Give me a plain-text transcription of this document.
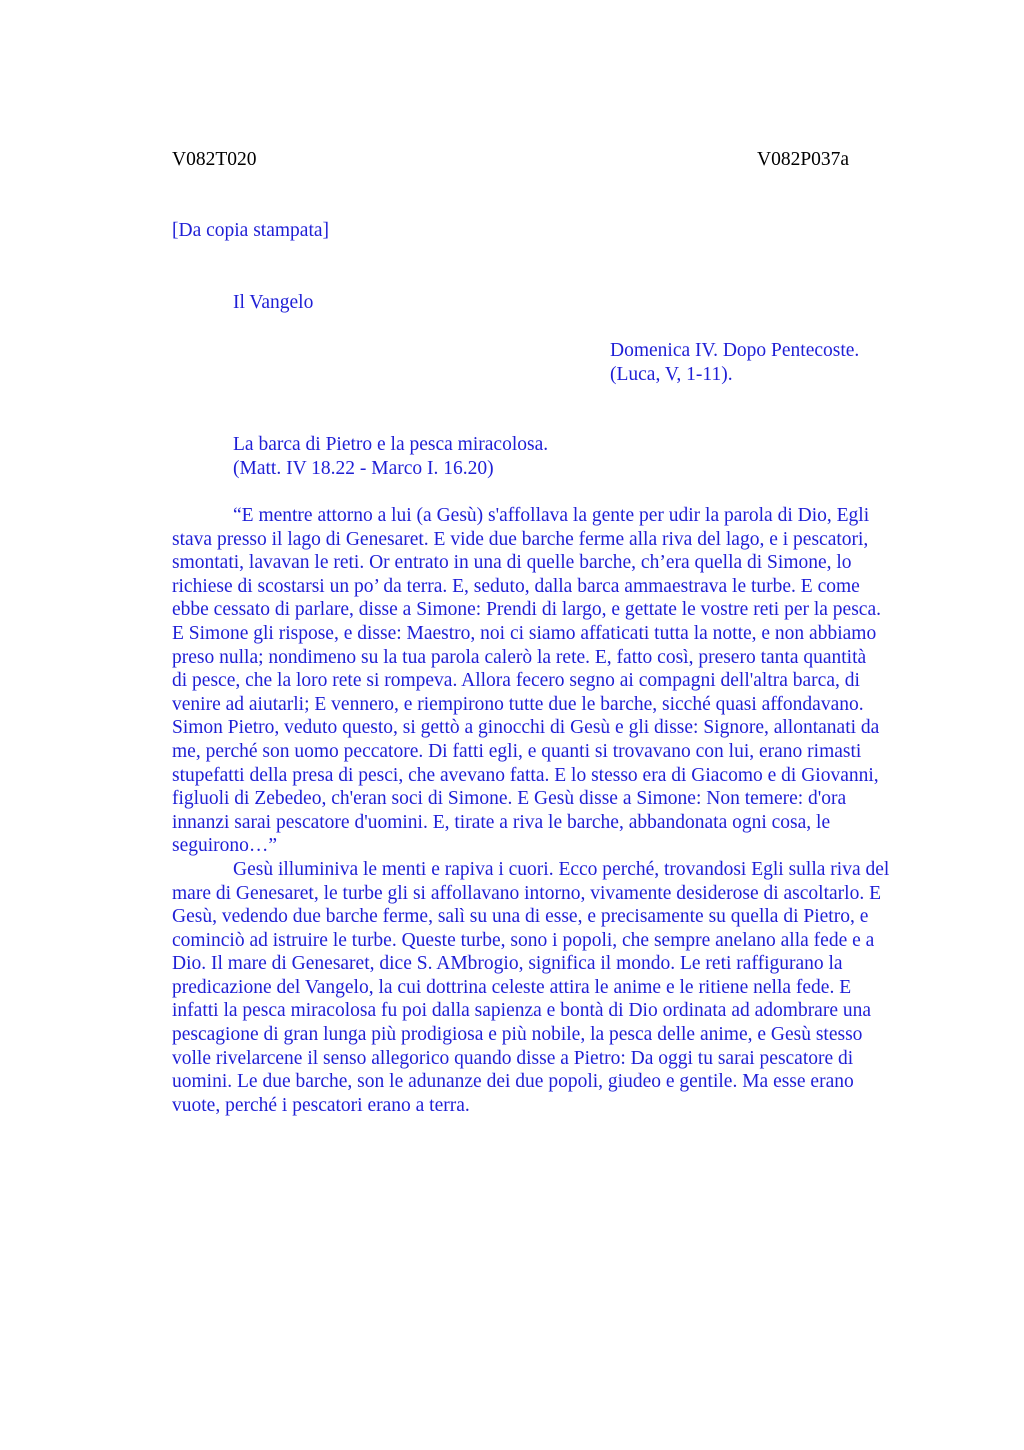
V082T020	V082P037a
[Da copia stampata]
Il Vangelo
Domenica IV. Dopo Pentecoste.
(Luca, V, 1-11).
La barca di Pietro e la pesca miracolosa.
(Matt. IV 18.22 - Marco I. 16.20)

“E mentre attorno a lui (a Gesù) s'affollava la gente per udir la parola di Dio, Egli
stava presso il lago di Genesaret. E vide due barche ferme alla riva del lago, e i pescatori,
smontati, lavavan le reti. Or entrato in una di quelle barche, ch’era quella di Simone, lo
richiese di scostarsi un po’ da terra. E, seduto, dalla barca ammaestrava le turbe. E come
ebbe cessato di parlare, disse a Simone: Prendi di largo, e gettate le vostre reti per la pesca.
E Simone gli rispose, e disse: Maestro, noi ci siamo affaticati tutta la notte, e non abbiamo
preso nulla; nondimeno su la tua parola calerò la rete. E, fatto così, presero tanta quantità
di pesce, che la loro rete si rompeva. Allora fecero segno ai compagni dell'altra barca, di
venire ad aiutarli; E vennero, e riempirono tutte due le barche, sicché quasi affondavano.
Simon Pietro, veduto questo, si gettò a ginocchi di Gesù e gli disse: Signore, allontanati da
me, perché son uomo peccatore. Di fatti egli, e quanti si trovavano con lui, erano rimasti
stupefatti della presa di pesci, che avevano fatta. E lo stesso era di Giacomo e di Giovanni,
figluoli di Zebedeo, ch'eran soci di Simone. E Gesù disse a Simone: Non temere: d'ora
innanzi sarai pescatore d'uomini. E, tirate a riva le barche, abbandonata ogni cosa, le
seguirono…”

Gesù illuminiva le menti e rapiva i cuori. Ecco perché, trovandosi Egli sulla riva del
mare di Genesaret, le turbe gli si affollavano intorno, vivamente desiderose di ascoltarlo. E
Gesù, vedendo due barche ferme, salì su una di esse, e precisamente su quella di Pietro, e
cominciò ad istruire le turbe. Queste turbe, sono i popoli, che sempre anelano alla fede e a
Dio. Il mare di Genesaret, dice S. AMbrogio, significa il mondo. Le reti raffigurano la
predicazione del Vangelo, la cui dottrina celeste attira le anime e le ritiene nella fede. E
infatti la pesca miracolosa fu poi dalla sapienza e bontà di Dio ordinata ad adombrare una
pescagione di gran lunga più prodigiosa e più nobile, la pesca delle anime, e Gesù stesso
volle rivelarcene il senso allegorico quando disse a Pietro: Da oggi tu sarai pescatore di
uomini. Le due barche, son le adunanze dei due popoli, giudeo e gentile. Ma esse erano
vuote, perché i pescatori erano a terra.
